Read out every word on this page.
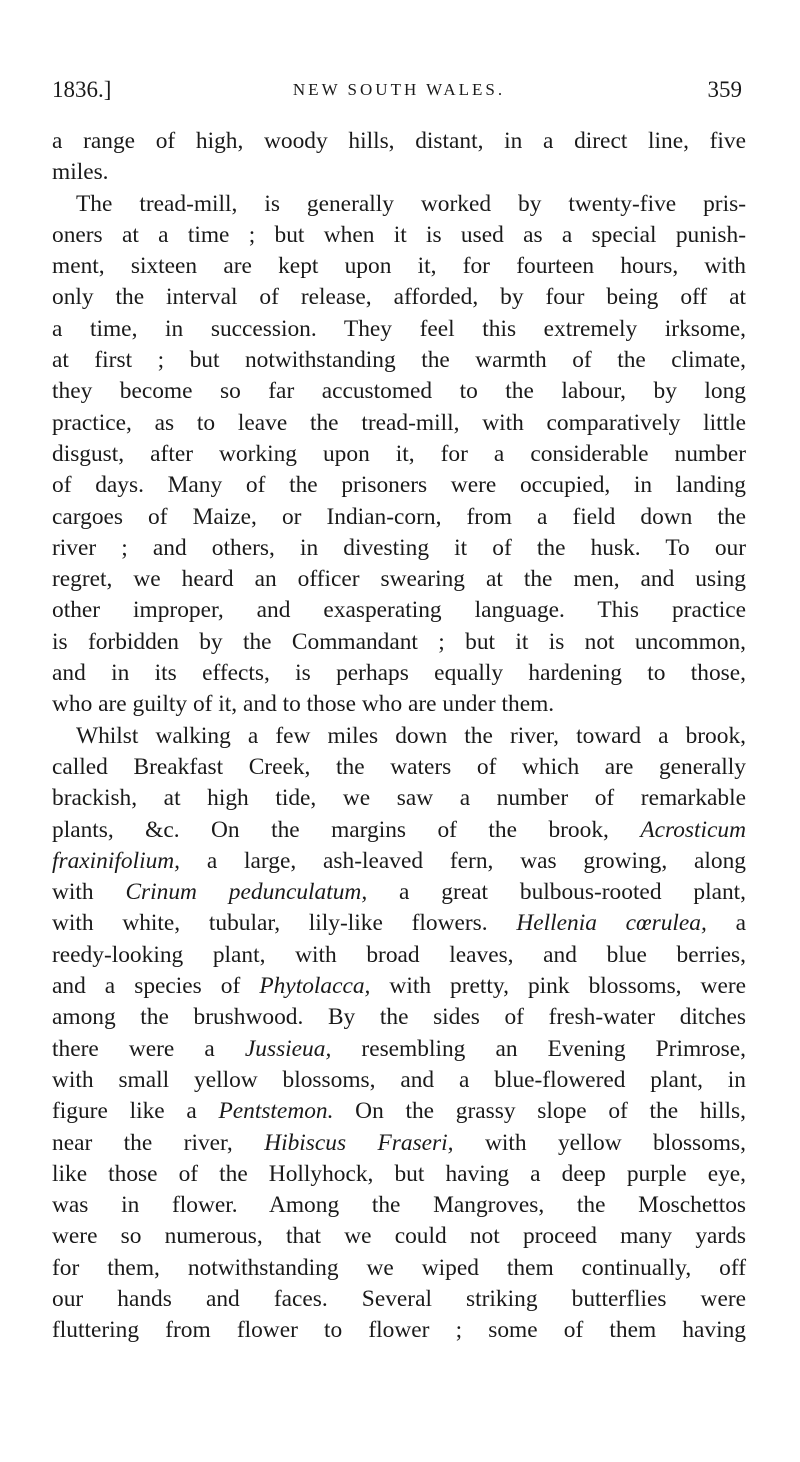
1836.]	NEW SOUTH WALES.	359
a range of high, woody hills, distant, in a direct line, five
miles.
The tread-mill, is generally worked by twenty-five pris-
oners at a time ; but when it is used as a special punish-
ment, sixteen are kept upon it, for fourteen hours, with
only the interval of release, afforded, by four being off at
a time, in succession. They feel this extremely irksome,
at first ; but notwithstanding the warmth of the climate,
they become so far accustomed to the labour, by long
practice, as to leave the tread-mill, with comparatively little
disgust, after working upon it, for a considerable number
of days. Many of the prisoners were occupied, in landing
cargoes of Maize, or Indian-corn, from a field down the
river ; and others, in divesting it of the husk. To our
regret, we heard an officer swearing at the men, and using
other improper, and exasperating language. This practice
is forbidden by the Commandant ; but it is not uncommon,
and in its effects, is perhaps equally hardening to those,
who are guilty of it, and to those who are under them.
Whilst walking a few miles down the river, toward a brook,
called Breakfast Creek, the waters of which are generally
brackish, at high tide, we saw a number of remarkable
plants, &c. On the margins of the brook, Acrosticum
fraxinifolium, a large, ash-leaved fern, was growing, along
with Crinum pedunculatum, a great bulbous-rooted plant,
with white, tubular, lily-like flowers. Hellenia cœrulea, a
reedy-looking plant, with broad leaves, and blue berries,
and a species of Phytolacca, with pretty, pink blossoms, were
among the brushwood. By the sides of fresh-water ditches
there were a Jussieua, resembling an Evening Primrose,
with small yellow blossoms, and a blue-flowered plant, in
figure like a Pentstemon. On the grassy slope of the hills,
near the river, Hibiscus Fraseri, with yellow blossoms,
like those of the Hollyhock, but having a deep purple eye,
was in flower. Among the Mangroves, the Moschettos
were so numerous, that we could not proceed many yards
for them, notwithstanding we wiped them continually, off
our hands and faces. Several striking butterflies were
fluttering from flower to flower ; some of them having
